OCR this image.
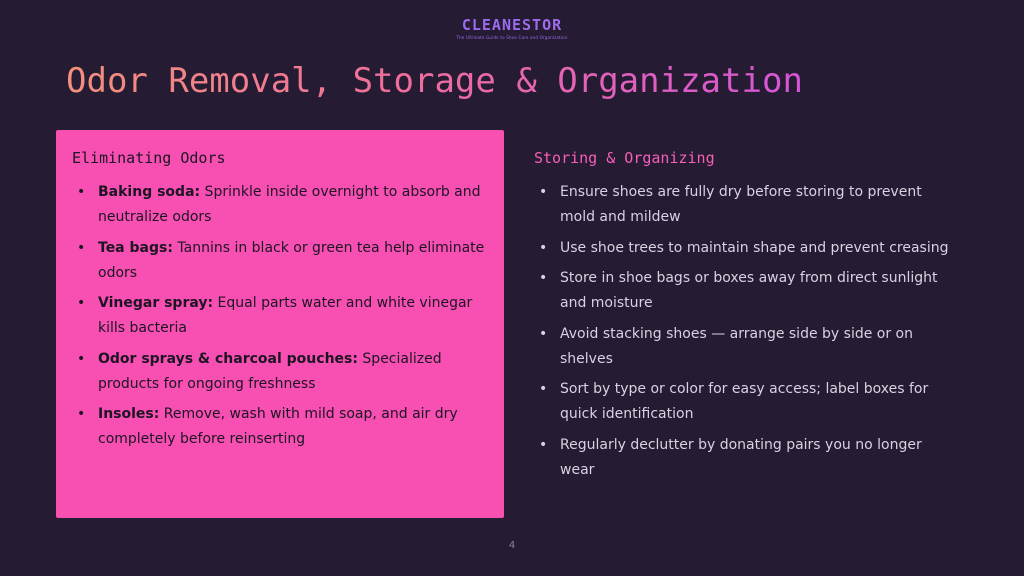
CLEANESTOR
The Ultimate Guide to Shoe Care and Organization
Odor Removal, Storage & Organization
Eliminating Odors
• Baking soda: Sprinkle inside overnight to absorb and neutralize odors
• Tea bags: Tannins in black or green tea help eliminate odors
• Vinegar spray: Equal parts water and white vinegar kills bacteria
• Odor sprays & charcoal pouches: Specialized products for ongoing freshness
• Insoles: Remove, wash with mild soap, and air dry completely before reinserting
Storing & Organizing
• Ensure shoes are fully dry before storing to prevent mold and mildew
• Use shoe trees to maintain shape and prevent creasing
• Store in shoe bags or boxes away from direct sunlight and moisture
• Avoid stacking shoes — arrange side by side or on shelves
• Sort by type or color for easy access; label boxes for quick identification
• Regularly declutter by donating pairs you no longer wear
4
